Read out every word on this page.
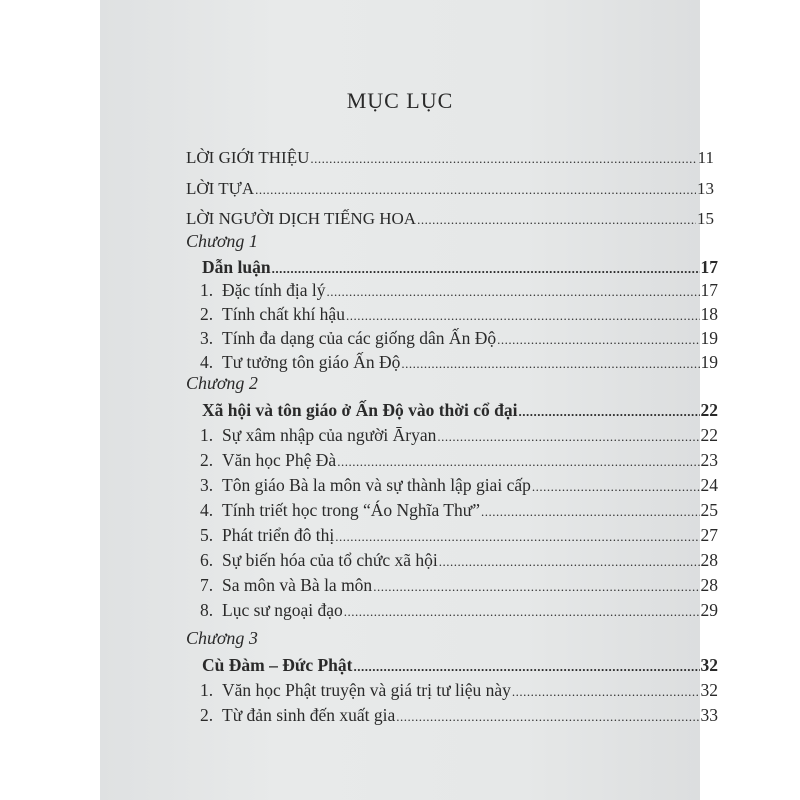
MỤC LỤC
LỜI GIỚI THIỆU .....	11
LỜI TỰA .....	13
LỜI NGƯỜI DỊCH TIẾNG HOA .....	15
Chương 1
Dẫn luận .....	17
1. Đặc tính địa lý .....	17
2. Tính chất khí hậu .....	18
3. Tính đa dạng của các giống dân Ấn Độ .....	19
4. Tư tưởng tôn giáo Ấn Độ .....	19
Chương 2
Xã hội và tôn giáo ở Ấn Độ vào thời cổ đại .....	22
1. Sự xâm nhập của người Āryan .....	22
2. Văn học Phệ Đà .....	23
3. Tôn giáo Bà la môn và sự thành lập giai cấp .....	24
4. Tính triết học trong “Áo Nghĩa Thư” .....	25
5. Phát triển đô thị .....	27
6. Sự biến hóa của tổ chức xã hội .....	28
7. Sa môn và Bà la môn .....	28
8. Lục sư ngoại đạo .....	29
Chương 3
Cù Đàm – Đức Phật .....	32
1. Văn học Phật truyện và giá trị tư liệu này .....	32
2. Từ đản sinh đến xuất gia .....	33
